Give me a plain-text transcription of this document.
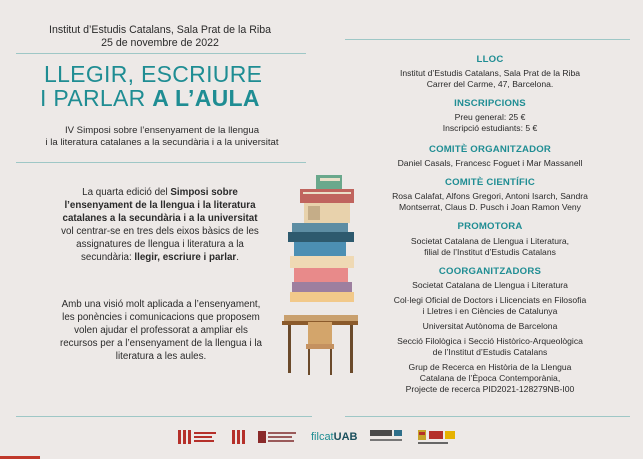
Institut d’Estudis Catalans, Sala Prat de la Riba
25 de novembre de 2022
LLEGIR, ESCRIURE
I PARLAR A L’AULA
IV Simposi sobre l’ensenyament de la llengua
i la literatura catalanes a la secundària i a la universitat
La quarta edició del Simposi sobre l’ensenyament de la llengua i la literatura catalanes a la secundària i a la universitat vol centrar-se en tres dels eixos bàsics de les assignatures de llengua i literatura a la secundària: llegir, escriure i parlar.
Amb una visió molt aplicada a l’ensenyament, les ponències i comunicacions que proposem volen ajudar el professorat a ampliar els recursos per a l’ensenyament de la llengua i la literatura a les aules.
LLOC
Institut d’Estudis Catalans, Sala Prat de la Riba
Carrer del Carme, 47, Barcelona.
INSCRIPCIONS
Preu general: 25 €
Inscripció estudiants: 5 €
COMITÈ ORGANITZADOR
Daniel Casals, Francesc Foguet i Mar Massanell
COMITÈ CIENTÍFIC
Rosa Calafat, Alfons Gregori, Antoni Isarch, Sandra
Montserrat, Claus D. Pusch i Joan Ramon Veny
PROMOTORA
Societat Catalana de Llengua i Literatura,
filial de l’Institut d’Estudis Catalans
COORGANITZADORS
Societat Catalana de Llengua i Literatura
Col·legi Oficial de Doctors i Llicenciats en Filosofia
i Lletres i en Ciències de Catalunya
Universitat Autònoma de Barcelona
Secció Filològica i Secció Històrico-Arqueològica
de l’Institut d’Estudis Catalans
Grup de Recerca en Història de la Llengua
Catalana de l’Època Contemporània,
Projecte de recerca PID2021-128279NB-I00
filcatUAB
